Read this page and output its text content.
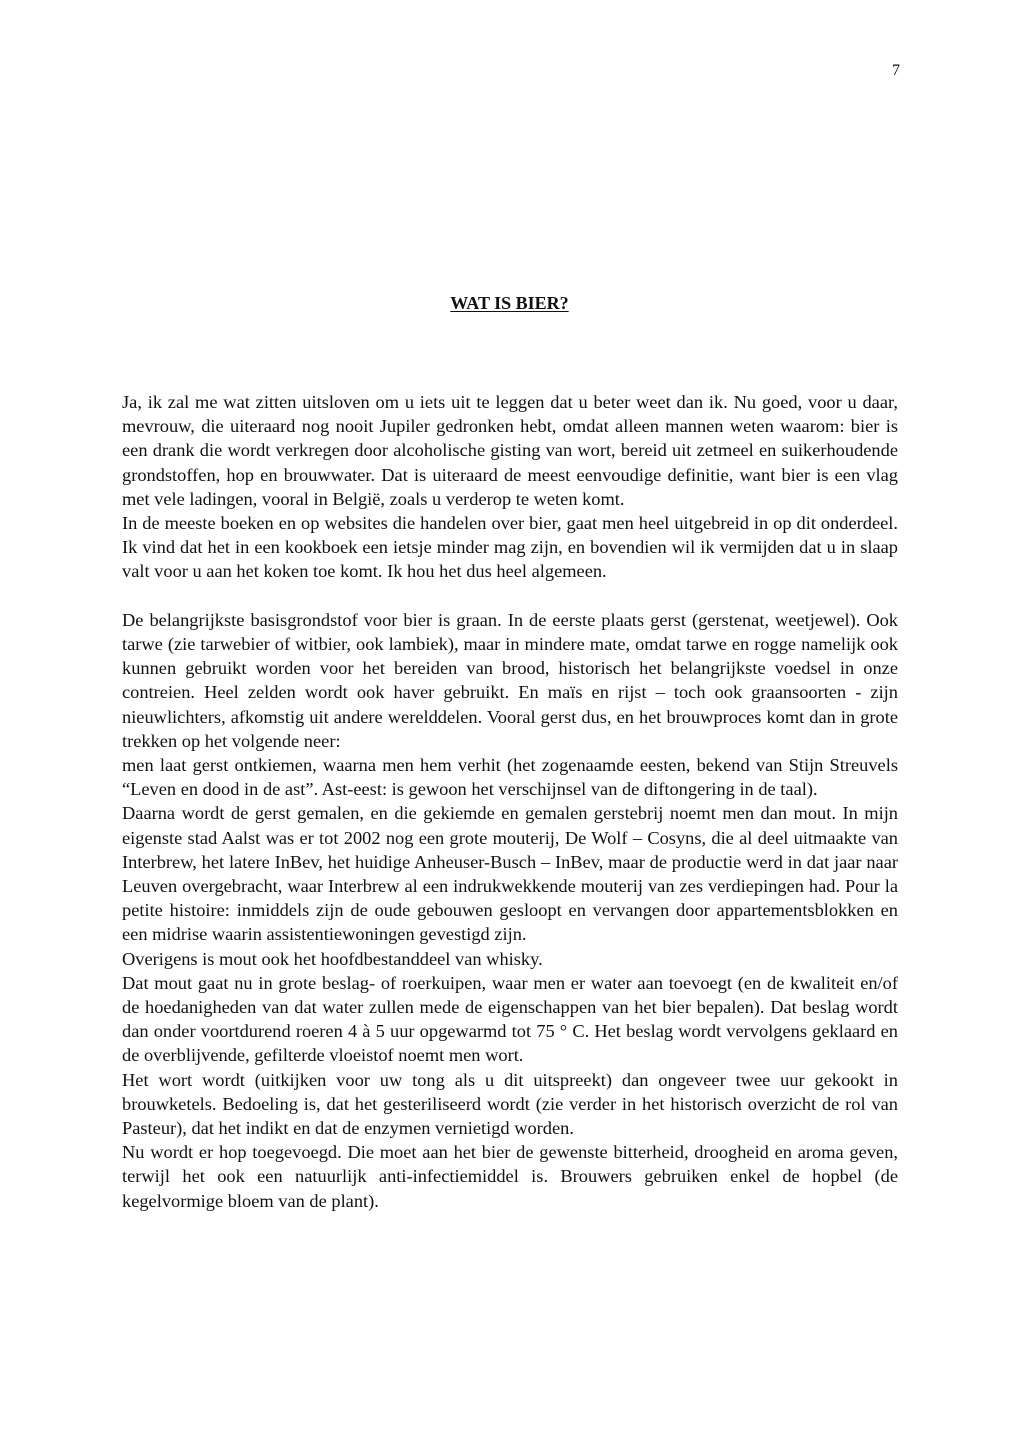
7
WAT IS BIER?

Ja, ik zal me wat zitten uitsloven om u iets uit te leggen dat u beter weet dan ik. Nu goed, voor u daar, mevrouw, die uiteraard nog nooit Jupiler gedronken hebt, omdat alleen mannen weten waarom: bier is een drank die wordt verkregen door alcoholische gisting van wort, bereid uit zetmeel en suikerhoudende grondstoffen, hop en brouwwater. Dat is uiteraard de meest eenvoudige definitie, want bier is een vlag met vele ladingen, vooral in België, zoals u verderop te weten komt.

In de meeste boeken en op websites die handelen over bier, gaat men heel uitgebreid in op dit onderdeel. Ik vind dat het in een kookboek een ietsje minder mag zijn, en bovendien wil ik vermijden dat u in slaap valt voor u aan het koken toe komt. Ik hou het dus heel algemeen.

De belangrijkste basisgrondstof voor bier is graan. In de eerste plaats gerst (gerstenat, weetjewel). Ook tarwe (zie tarwebier of witbier, ook lambiek), maar in mindere mate, omdat tarwe en rogge namelijk ook kunnen gebruikt worden voor het bereiden van brood, historisch het belangrijkste voedsel in onze contreien. Heel zelden wordt ook haver gebruikt. En maïs en rijst – toch ook graansoorten - zijn nieuwlichters, afkomstig uit andere werelddelen. Vooral gerst dus, en het brouwproces komt dan in grote trekken op het volgende neer:

men laat gerst ontkiemen, waarna men hem verhit (het zogenaamde eesten, bekend van Stijn Streuvels “Leven en dood in de ast”. Ast-eest: is gewoon het verschijnsel van de diftongering in de taal).

Daarna wordt de gerst gemalen, en die gekiemde en gemalen gerstebrij noemt men dan mout. In mijn eigenste stad Aalst was er tot 2002 nog een grote mouterij, De Wolf – Cosyns, die al deel uitmaakte van Interbrew, het latere InBev, het huidige Anheuser-Busch – InBev, maar de productie werd in dat jaar naar Leuven overgebracht, waar Interbrew al een indrukwekkende mouterij van zes verdiepingen had. Pour la petite histoire: inmiddels zijn de oude gebouwen gesloopt en vervangen door appartementsblokken en een midrise waarin assistentiewoningen gevestigd zijn.

Overigens is mout ook het hoofdbestanddeel van whisky.

Dat mout gaat nu in grote beslag- of roerkuipen, waar men er water aan toevoegt (en de kwaliteit en/of de hoedanigheden van dat water zullen mede de eigenschappen van het bier bepalen). Dat beslag wordt dan onder voortdurend roeren 4 à 5 uur opgewarmd tot 75 ° C. Het beslag wordt vervolgens geklaard en de overblijvende, gefilterde vloeistof noemt men wort.

Het wort wordt (uitkijken voor uw tong als u dit uitspreekt) dan ongeveer twee uur gekookt in brouwketels. Bedoeling is, dat het gesteriliseerd wordt (zie verder in het historisch overzicht de rol van Pasteur), dat het indikt en dat de enzymen vernietigd worden.

Nu wordt er hop toegevoegd. Die moet aan het bier de gewenste bitterheid, droogheid en aroma geven, terwijl het ook een natuurlijk anti-infectiemiddel is. Brouwers gebruiken enkel de hopbel (de kegelvormige bloem van de plant).
